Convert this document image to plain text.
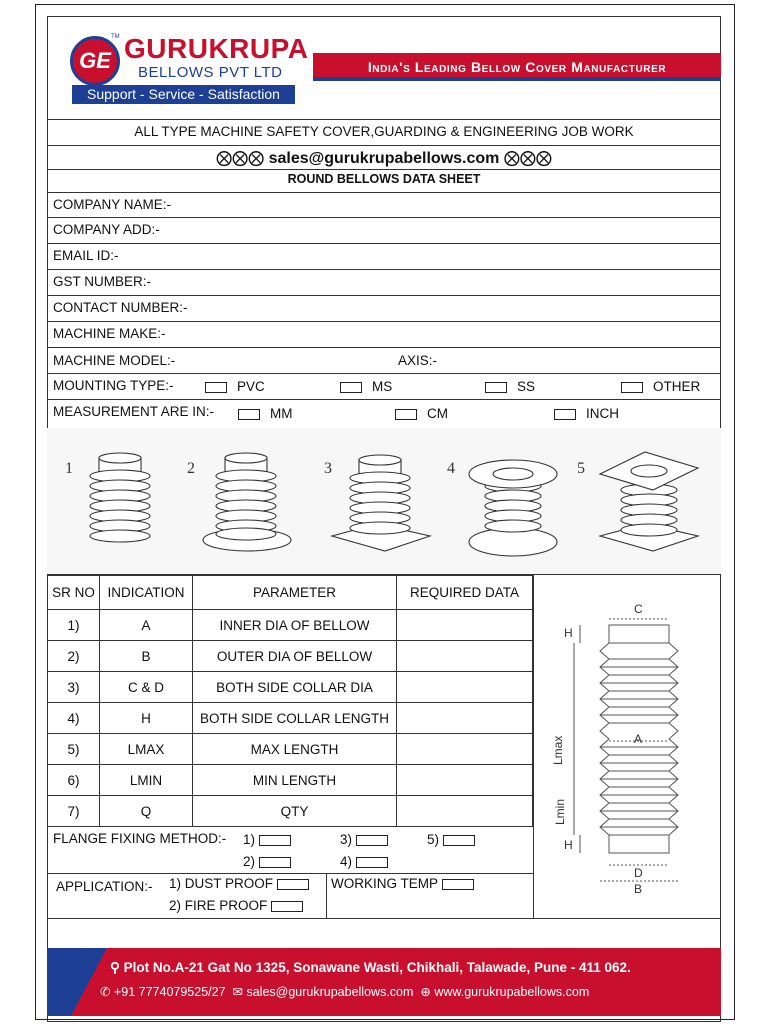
GE
TM GURUKRUPA
BELLOWS PVT LTD
Support - Service - Satisfaction
India's Leading Bellow Cover Manufacturer
ALL TYPE MACHINE SAFETY COVER,GUARDING & ENGINEERING JOB WORK
⨂⨂⨂ sales@gurukrupabellows.com ⨂⨂⨂
ROUND BELLOWS DATA SHEET
COMPANY NAME:-
COMPANY ADD:-
EMAIL ID:-
GST NUMBER:-
CONTACT NUMBER:-
MACHINE MAKE:-
MACHINE MODEL:-	AXIS:-
MOUNTING TYPE:-	PVC	MS	SS	OTHER
MEASUREMENT ARE IN:-	MM	CM	INCH
1	2	3	4	5
SR NO	INDICATION	PARAMETER	REQUIRED DATA
1)	A	INNER DIA OF BELLOW	
2)	B	OUTER DIA OF BELLOW	
3)	C & D	BOTH SIDE COLLAR DIA	
4)	H	BOTH SIDE COLLAR LENGTH	
5)	LMAX	MAX LENGTH	
6)	LMIN	MIN LENGTH	
7)	Q	QTY	
C
H
Lmax	A
Lmin
H
D
B
FLANGE FIXING METHOD:- 1)	3)	5)
2)	4)
APPLICATION:- 1) DUST PROOF
2) FIRE PROOF
WORKING TEMP
⚲ Plot No.A-21 Gat No 1325, Sonawane Wasti, Chikhali, Talawade, Pune - 411 062.
✆ +91 7774079525/27 ✉ sales@gurukrupabellows.com ⊕ www.gurukrupabellows.com
